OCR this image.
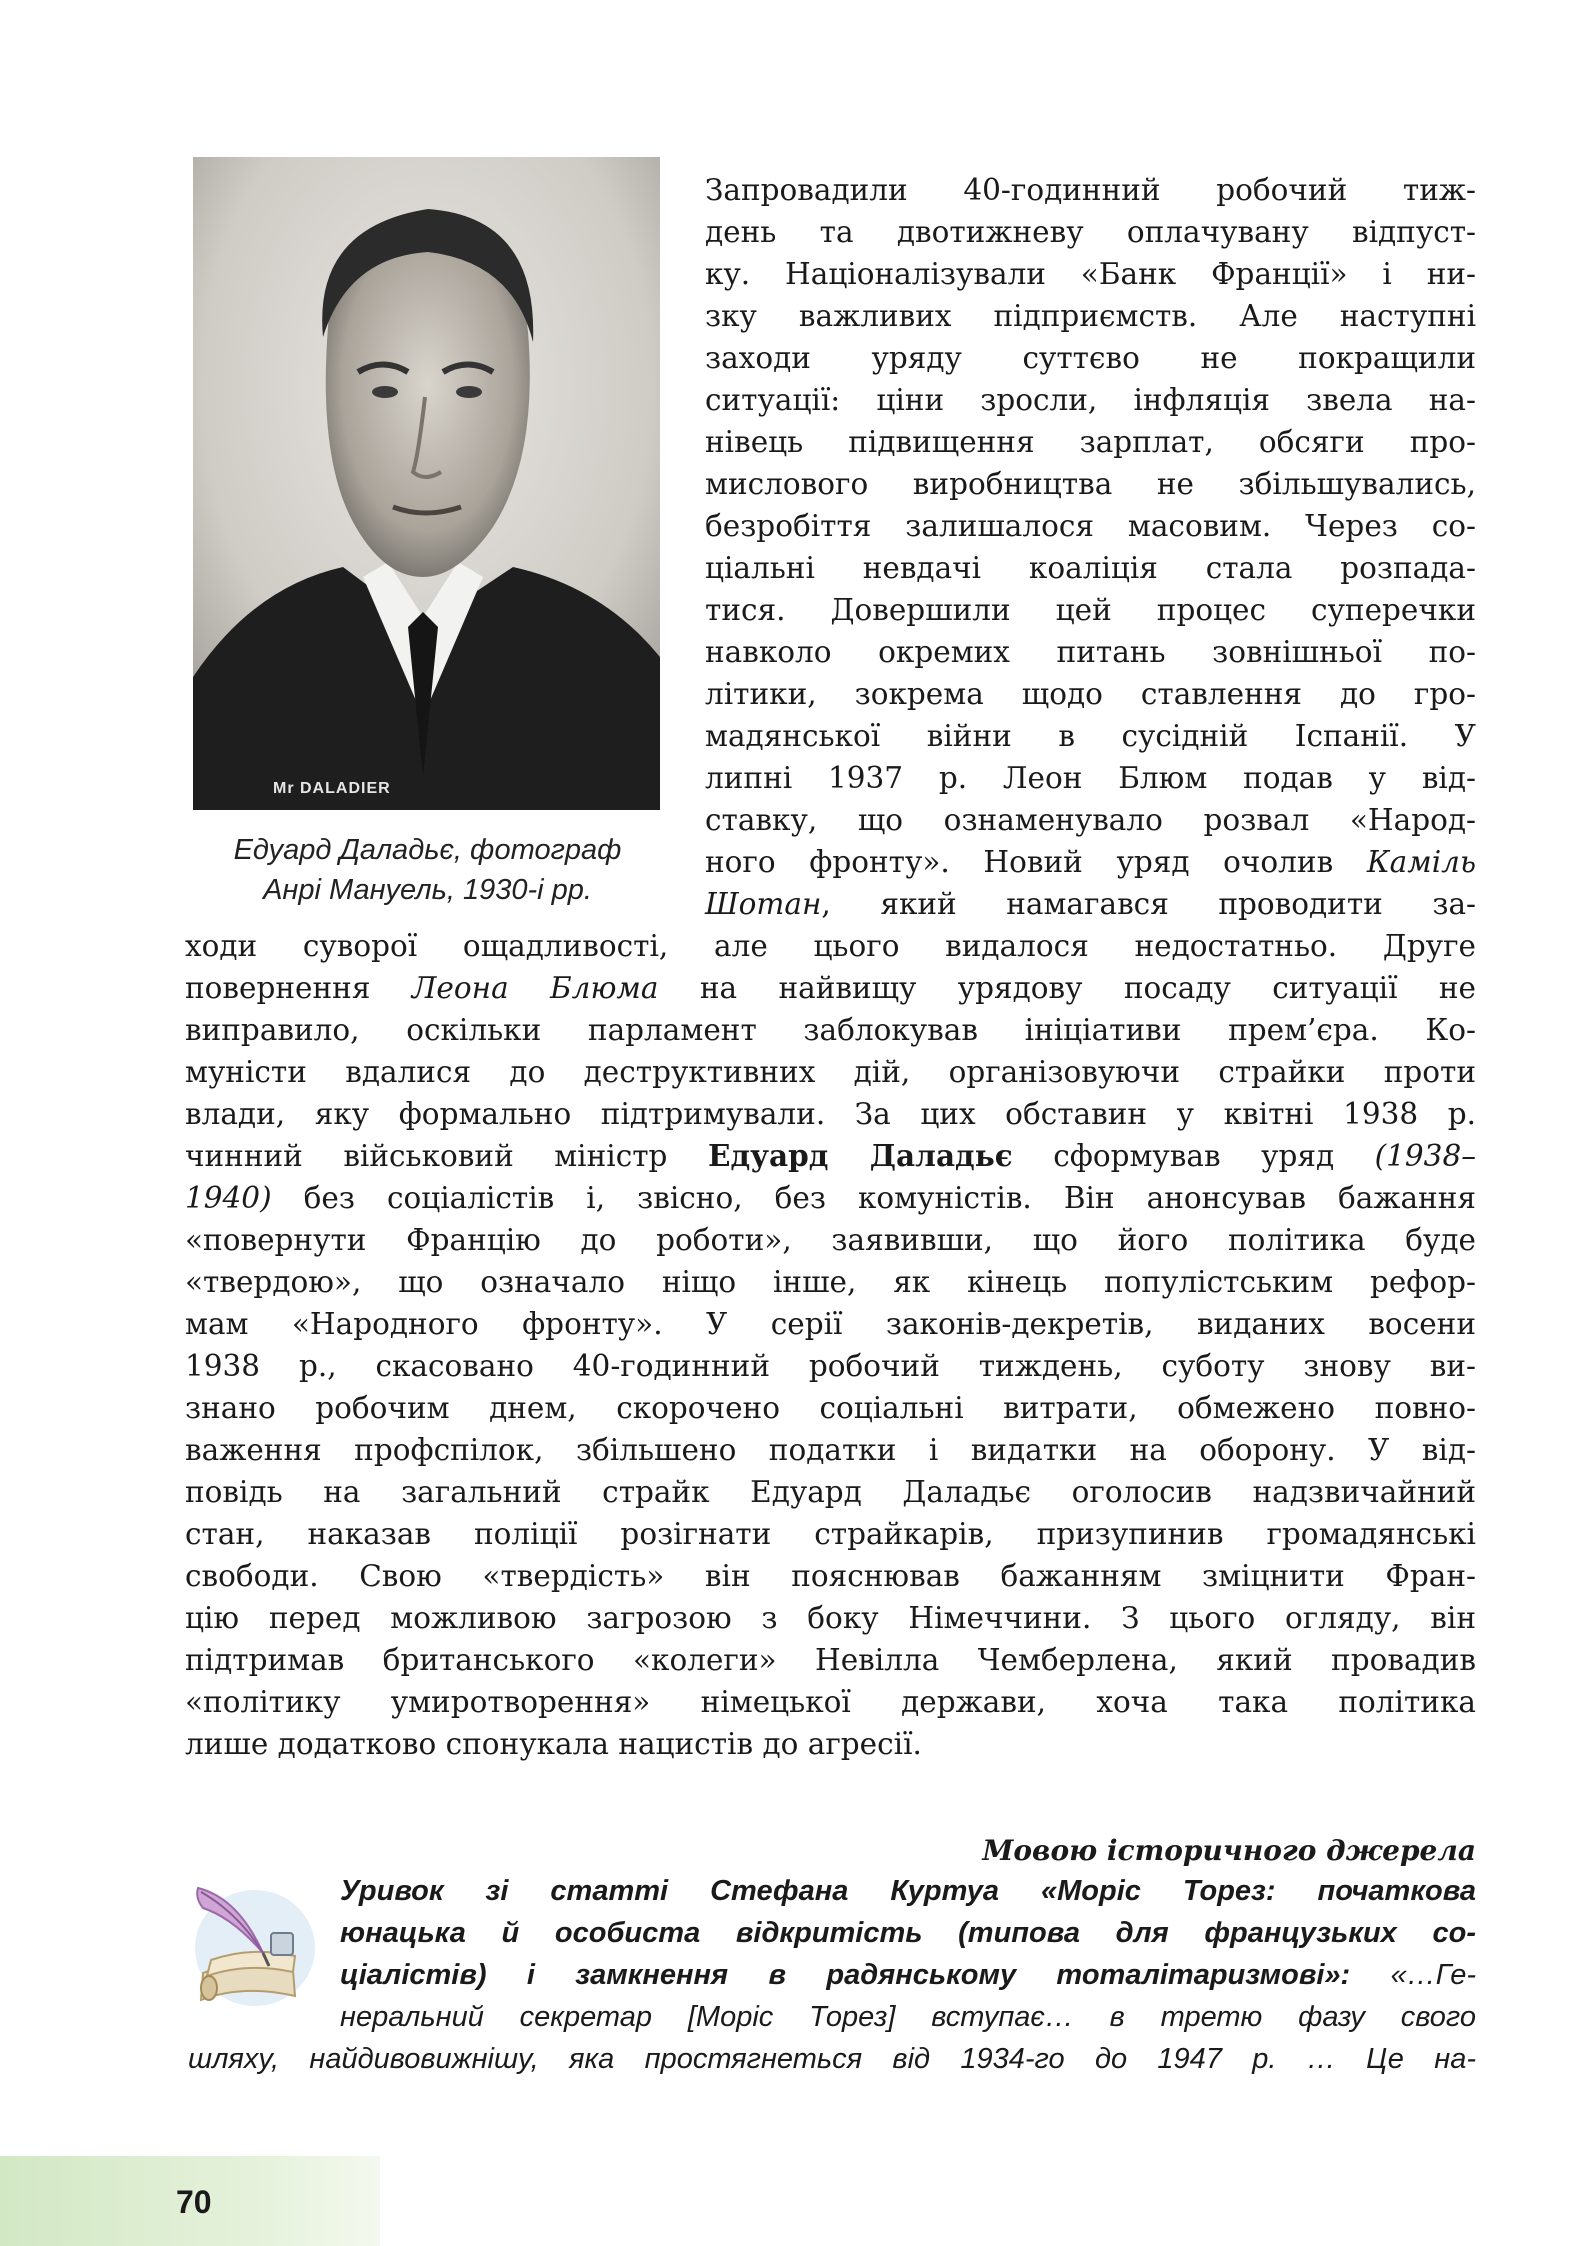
Mr DALADIER
Едуард Даладьє, фотограф
Анрі Мануель, 1930-і рр.
Запровадили 40-годинний робочий тиж-
день та двотижневу оплачувану відпуст-
ку. Націоналізували «Банк Франції» і ни-
зку важливих підприємств. Але наступні
заходи уряду суттєво не покращили
ситуації: ціни зросли, інфляція звела на-
нівець підвищення зарплат, обсяги про-
мислового виробництва не збільшувались,
безробіття залишалося масовим. Через со-
ціальні невдачі коаліція стала розпада-
тися. Довершили цей процес суперечки
навколо окремих питань зовнішньої по-
літики, зокрема щодо ставлення до гро-
мадянської війни в сусідній Іспанії. У
липні 1937 р. Леон Блюм подав у від-
ставку, що ознаменувало розвал «Народ-
ного фронту». Новий уряд очолив Каміль
Шотан, який намагався проводити за-
ходи суворої ощадливості, але цього видалося недостатньо. Друге
повернення Леона Блюма на найвищу урядову посаду ситуації не
виправило, оскільки парламент заблокував ініціативи прем’єра. Ко-
муністи вдалися до деструктивних дій, організовуючи страйки проти
влади, яку формально підтримували. За цих обставин у квітні 1938 р.
чинний військовий міністр Едуард Даладьє сформував уряд (1938–
1940) без соціалістів і, звісно, без комуністів. Він анонсував бажання
«повернути Францію до роботи», заявивши, що його політика буде
«твердою», що означало ніщо інше, як кінець популістським рефор-
мам «Народного фронту». У серії законів-декретів, виданих восени
1938 р., скасовано 40-годинний робочий тиждень, суботу знову ви-
знано робочим днем, скорочено соціальні витрати, обмежено повно-
важення профспілок, збільшено податки і видатки на оборону. У від-
повідь на загальний страйк Едуард Даладьє оголосив надзвичайний
стан, наказав поліції розігнати страйкарів, призупинив громадянські
свободи. Свою «твердість» він пояснював бажанням зміцнити Фран-
цію перед можливою загрозою з боку Німеччини. З цього огляду, він
підтримав британського «колеги» Невілла Чемберлена, який провадив
«політику умиротворення» німецької держави, хоча така політика
лише додатково спонукала нацистів до агресії.
Мовою історичного джерела
Уривок зі статті Стефана Куртуа «Моріс Торез: початкова
юнацька й особиста відкритість (типова для французьких со-
ціалістів) і замкнення в радянському тоталітаризмові»: «…Ге-
неральний секретар [Моріс Торез] вступає… в третю фазу свого
шляху, найдивовижнішу, яка простягнеться від 1934-го до 1947 р. … Це на-
70
